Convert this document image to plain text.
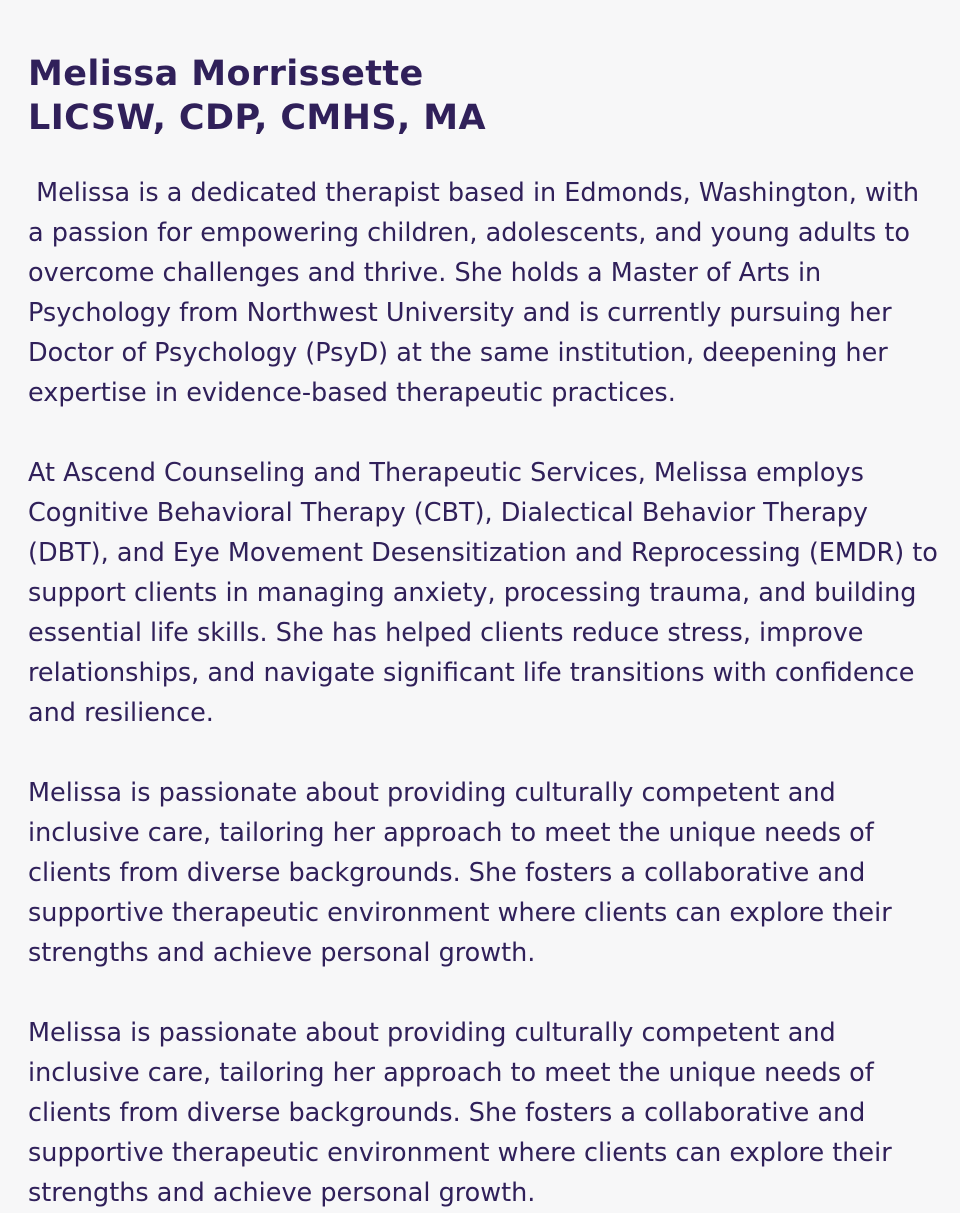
Melissa Morrissette
LICSW, CDP, CMHS, MA

Melissa is a dedicated therapist based in Edmonds, Washington, with a passion for empowering children, adolescents, and young adults to overcome challenges and thrive. She holds a Master of Arts in Psychology from Northwest University and is currently pursuing her Doctor of Psychology (PsyD) at the same institution, deepening her expertise in evidence-based therapeutic practices.

At Ascend Counseling and Therapeutic Services, Melissa employs Cognitive Behavioral Therapy (CBT), Dialectical Behavior Therapy (DBT), and Eye Movement Desensitization and Reprocessing (EMDR) to support clients in managing anxiety, processing trauma, and building essential life skills. She has helped clients reduce stress, improve relationships, and navigate significant life transitions with confidence and resilience.

Melissa is passionate about providing culturally competent and inclusive care, tailoring her approach to meet the unique needs of clients from diverse backgrounds. She fosters a collaborative and supportive therapeutic environment where clients can explore their strengths and achieve personal growth.

Melissa is passionate about providing culturally competent and inclusive care, tailoring her approach to meet the unique needs of clients from diverse backgrounds. She fosters a collaborative and supportive therapeutic environment where clients can explore their strengths and achieve personal growth.
